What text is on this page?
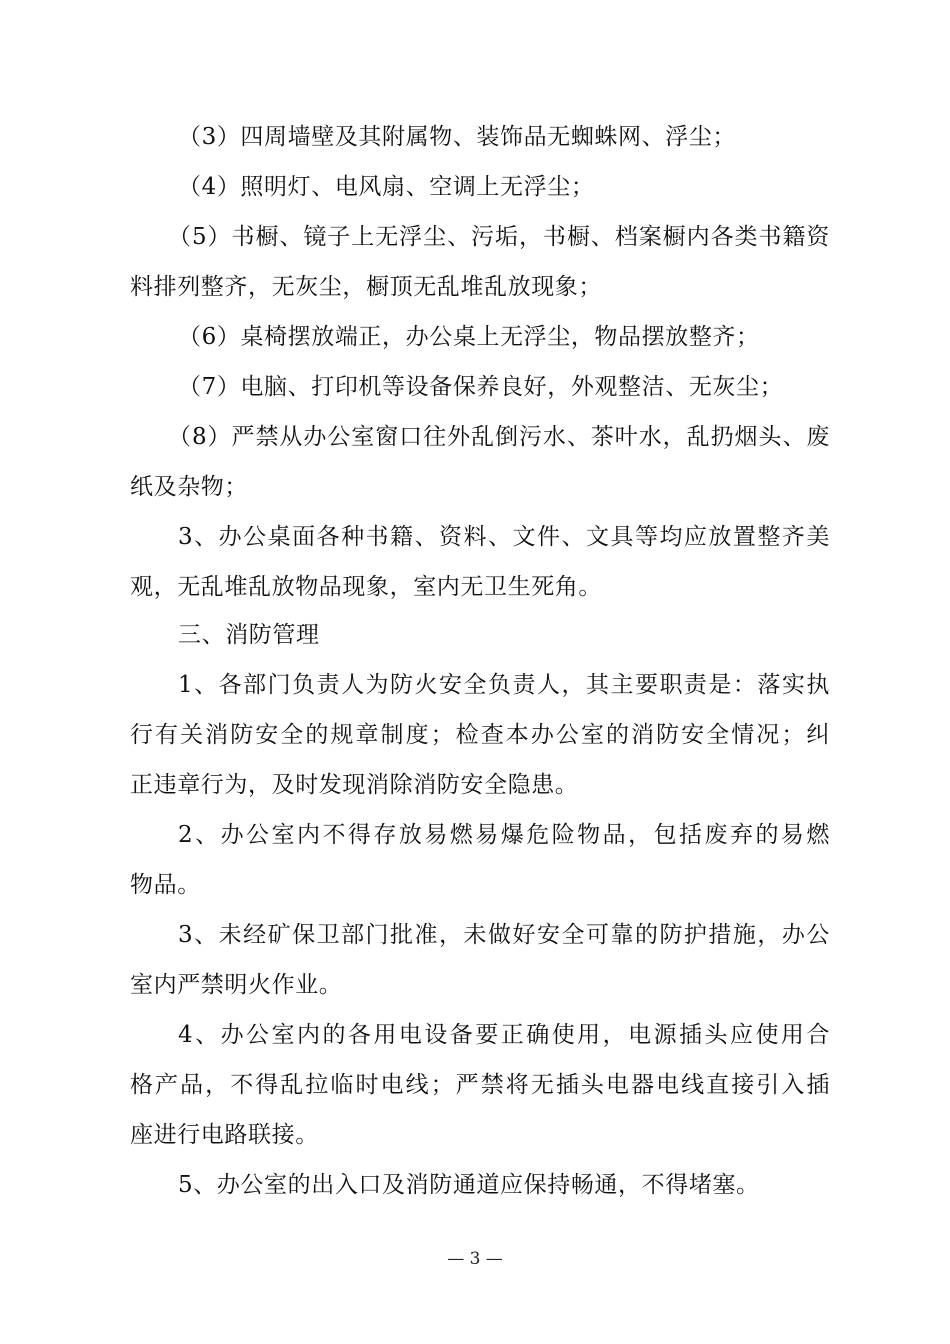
（3）四周墙壁及其附属物、装饰品无蜘蛛网、浮尘；
（4）照明灯、电风扇、空调上无浮尘；
（5）书橱、镜子上无浮尘、污垢，书橱、档案橱内各类书籍资
料排列整齐，无灰尘，橱顶无乱堆乱放现象；
（6）桌椅摆放端正，办公桌上无浮尘，物品摆放整齐；
（7）电脑、打印机等设备保养良好，外观整洁、无灰尘；
（8）严禁从办公室窗口往外乱倒污水、茶叶水，乱扔烟头、废
纸及杂物；
3、办公桌面各种书籍、资料、文件、文具等均应放置整齐美
观，无乱堆乱放物品现象，室内无卫生死角。
三、消防管理
1、各部门负责人为防火安全负责人，其主要职责是：落实执
行有关消防安全的规章制度；检查本办公室的消防安全情况；纠
正违章行为，及时发现消除消防安全隐患。
2、办公室内不得存放易燃易爆危险物品，包括废弃的易燃
物品。
3、未经矿保卫部门批准，未做好安全可靠的防护措施，办公
室内严禁明火作业。
4、办公室内的各用电设备要正确使用，电源插头应使用合
格产品，不得乱拉临时电线；严禁将无插头电器电线直接引入插
座进行电路联接。
5、办公室的出入口及消防通道应保持畅通，不得堵塞。
— 3 —
